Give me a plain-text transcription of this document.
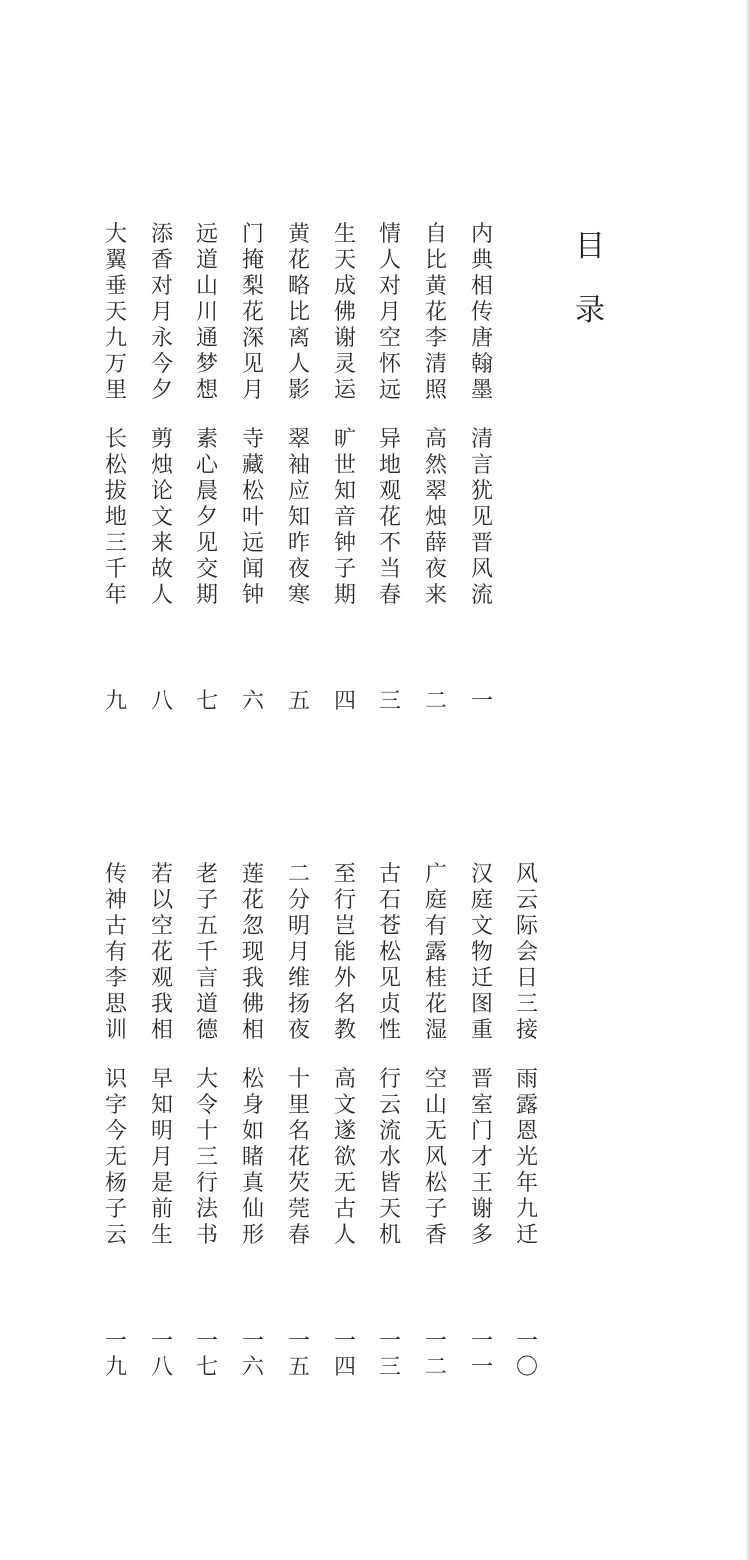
目
录
内
典
相
传
唐
翰
墨
清
言
犹
见
晋
风
流
一
自
比
黄
花
李
清
照
高
然
翠
烛
薛
夜
来
二
情
人
对
月
空
怀
远
异
地
观
花
不
当
春
三
生
天
成
佛
谢
灵
运
旷
世
知
音
钟
子
期
四
黄
花
略
比
离
人
影
翠
袖
应
知
昨
夜
寒
五
门
掩
梨
花
深
见
月
寺
藏
松
叶
远
闻
钟
六
远
道
山
川
通
梦
想
素
心
晨
夕
见
交
期
七
添
香
对
月
永
今
夕
剪
烛
论
文
来
故
人
八
大
翼
垂
天
九
万
里
长
松
拔
地
三
千
年
九
风
云
际
会
日
三
接
雨
露
恩
光
年
九
迁
一
〇
汉
庭
文
物
迁
图
重
晋
室
门
才
王
谢
多
一
一
广
庭
有
露
桂
花
湿
空
山
无
风
松
子
香
一
二
古
石
苍
松
见
贞
性
行
云
流
水
皆
天
机
一
三
至
行
岂
能
外
名
教
高
文
遂
欲
无
古
人
一
四
二
分
明
月
维
扬
夜
十
里
名
花
芡
莞
春
一
五
莲
花
忽
现
我
佛
相
松
身
如
睹
真
仙
形
一
六
老
子
五
千
言
道
德
大
令
十
三
行
法
书
一
七
若
以
空
花
观
我
相
早
知
明
月
是
前
生
一
八
传
神
古
有
李
思
训
识
字
今
无
杨
子
云
一
九
